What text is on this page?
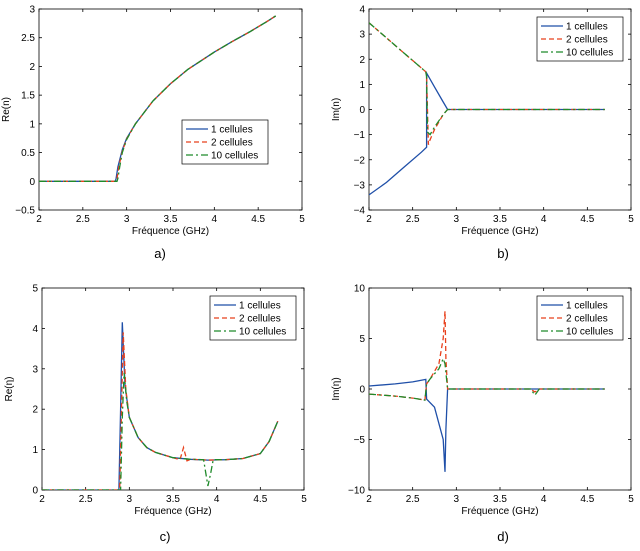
2	2.5	3	3.5	4	4.5	5
−0.5
0
0.5
1
1.5
2
2.5
3
Fréquence (GHz)
Re(n)
1 cellules
2 cellules
10 cellules
a)
2	2.5	3	3.5	4	4.5	5
−4
−3
−2
−1
0
1
2
3
4
Fréquence (GHz)
Im(n)
1 cellules
2 cellules
10 cellules
b)
2	2.5	3	3.5	4	4.5	5
0
1
2
3
4
5
Fréquence (GHz)
Re(η)
1 cellules
2 cellules
10 cellules
c)
2	2.5	3	3.5	4	4.5	5
−10
−5
0
5
10
Fréquence (GHz)
Im(η)
1 cellules
2 cellules
10 cellules
d)
